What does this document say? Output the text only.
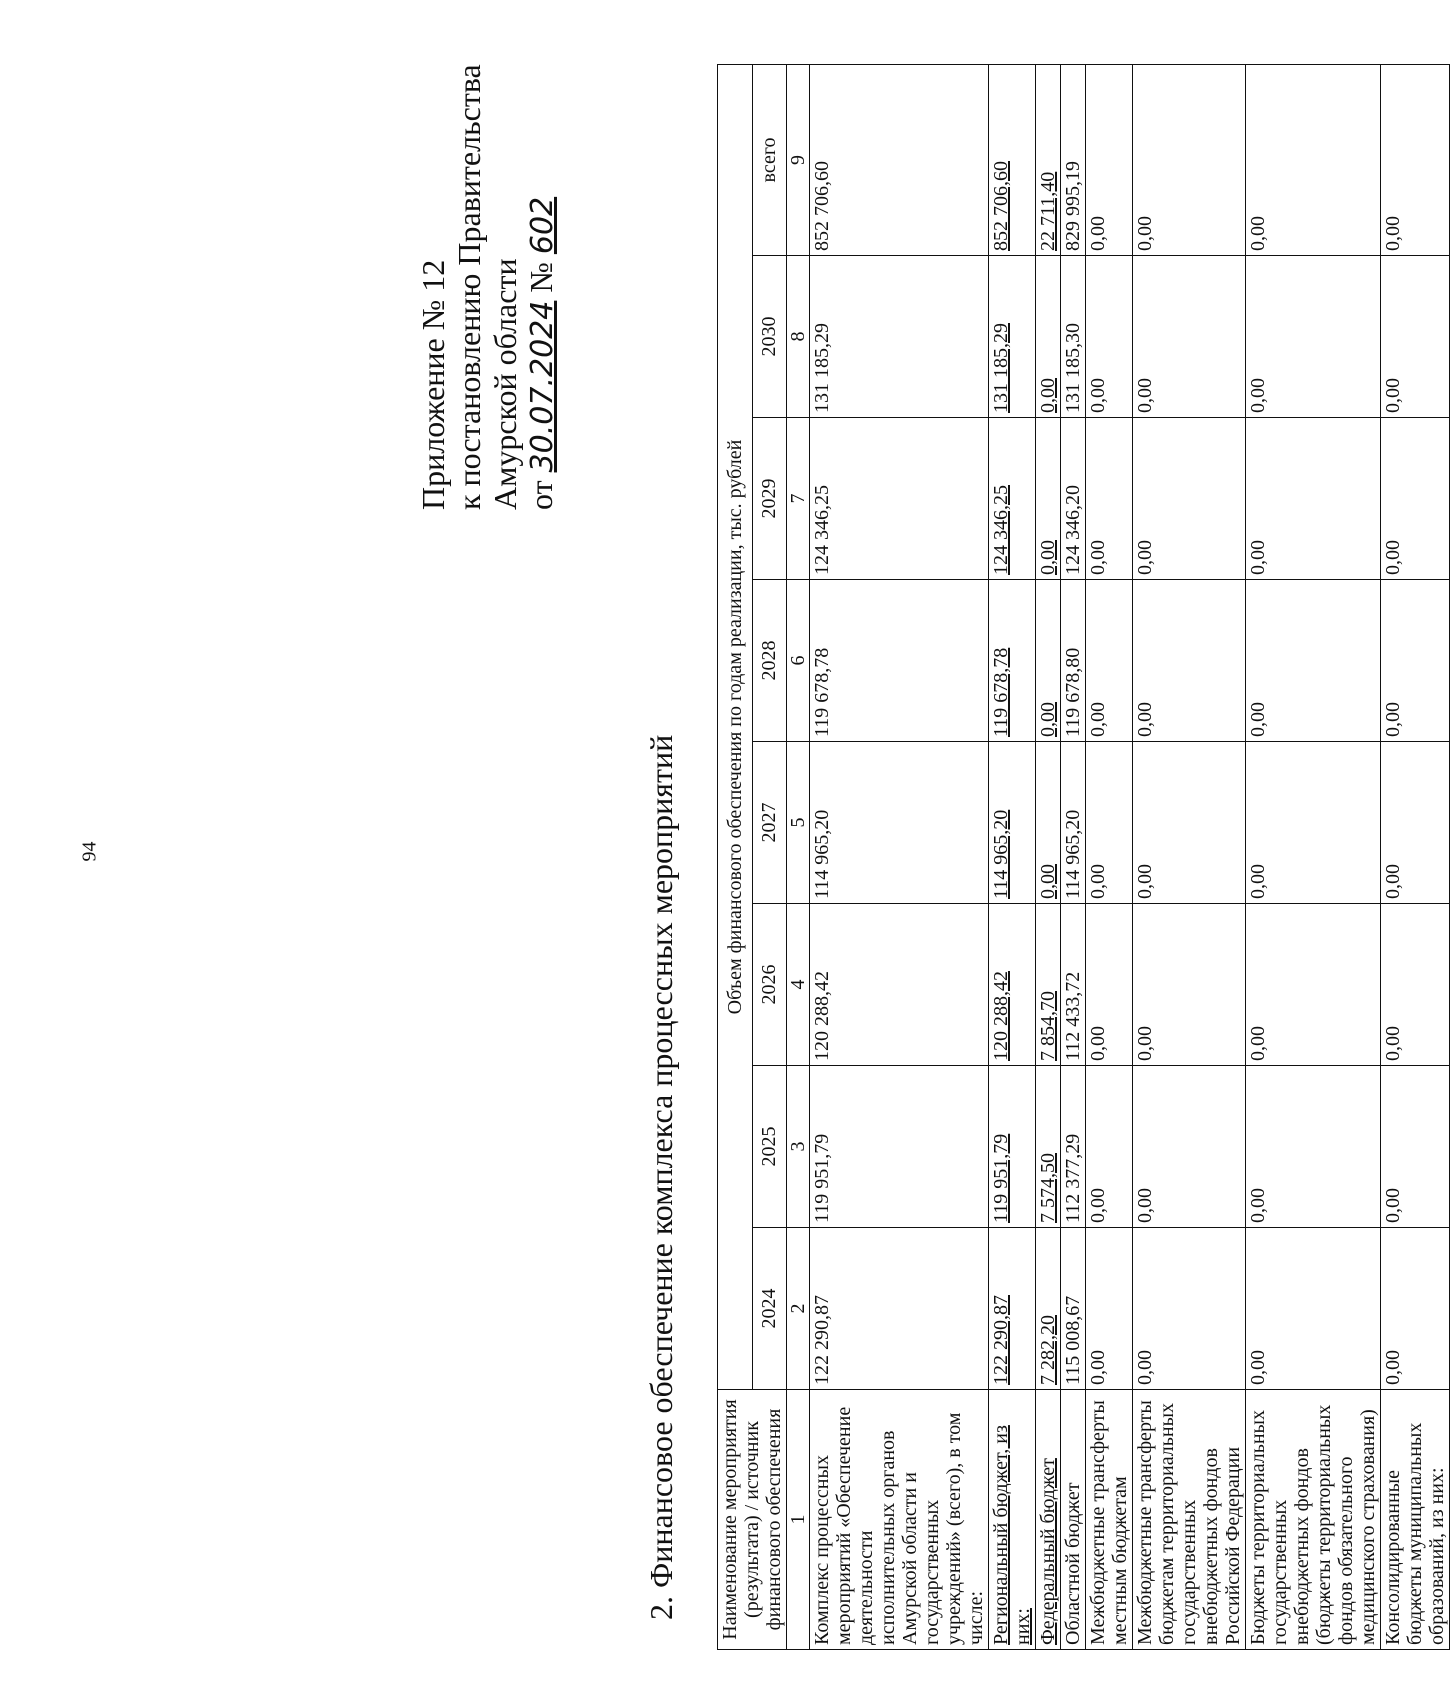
94
Приложение № 12 к постановлению Правительства Амурской области от 30.07.2024 № 602
2. Финансовое обеспечение комплекса процессных мероприятий Наименование мероприятия (результата) / источник финансового обеспечения	Объем финансового обеспечения по годам реализации, тыс. рублей							
	2024	2025	2026	2027	2028	2029	2030	всего
1	2	3	4	5	6	7	8	9
Комплекс процессных мероприятий «Обеспечение деятельности исполнительных органов Амурской области и государственных учреждений» (всего), в том числе:	122 290,87	119 951,79	120 288,42	114 965,20	119 678,78	124 346,25	131 185,29	852 706,60
Региональный бюджет, из них:	122 290,87	119 951,79	120 288,42	114 965,20	119 678,78	124 346,25	131 185,29	852 706,60
Федеральный бюджет	7 282,20	7 574,50	7 854,70	0,00	0,00	0,00	0,00	22 711,40
Областной бюджет	115 008,67	112 377,29	112 433,72	114 965,20	119 678,80	124 346,20	131 185,30	829 995,19
Межбюджетные трансферты местным бюджетам	0,00	0,00	0,00	0,00	0,00	0,00	0,00	0,00
Межбюджетные трансферты бюджетам территориальных государственных внебюджетных фондов Российской Федерации	0,00	0,00	0,00	0,00	0,00	0,00	0,00	0,00
Бюджеты территориальных государственных внебюджетных фондов (бюджеты территориальных фондов обязательного медицинского страхования)	0,00	0,00	0,00	0,00	0,00	0,00	0,00	0,00
Консолидированные бюджеты муниципальных образований, из них:	0,00	0,00	0,00	0,00	0,00	0,00	0,00	0,00
